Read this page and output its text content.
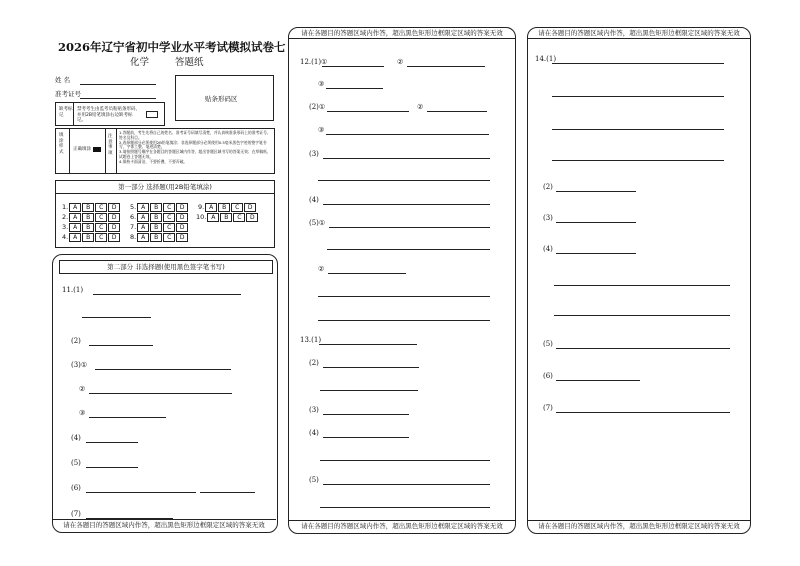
2026年辽宁省初中学业水平考试模拟试卷七
化学	答题纸
姓 名
准考证号
贴条形码区
缺考标记
禁考考生由监考员粘贴条形码，并用2B铅笔填涂右边缺考标记。
填涂样式	正确填涂
注意事项
1.答题前，考生先将自己的姓名、准考证号码填写清楚，并认真核准条形码上的准考证号、姓名及科目。
2.选择题部分必须使用2B铅笔填涂；非选择题部分必须使用0.5毫米黑色字迹的签字笔书写，字体工整、笔迹清楚。
3.请按照题号顺序在各题目的答题区域内作答，超出答题区域书写的答案无效；在草稿纸、试题卷上答题无效。
4.保持卡面清洁，不要折叠，不要弄破。
第一部分 选择题(用2B铅笔填涂)
1. A B C D
2. A B C D
3. A B C D
4. A B C D
5. A B C D
6. A B C D
7. A B C D
8. A B C D
9. A B C D
10. A B C D
第二部分 非选择题(使用黑色签字笔书写)
11.(1)
(2)
(3)①
②
③
(4)
(5)
(6)
(7)
请在各题目的答题区域内作答，超出黑色矩形边框限定区域的答案无效
请在各题目的答题区域内作答，超出黑色矩形边框限定区域的答案无效
12.(1)①	②
③
(2)①	②
③
(3)
(4)
(5)①
②
13.(1)
(2)
(3)
(4)
(5)
请在各题目的答题区域内作答，超出黑色矩形边框限定区域的答案无效
请在各题目的答题区域内作答，超出黑色矩形边框限定区域的答案无效
14.(1)
(2)
(3)
(4)
(5)
(6)
(7)
请在各题目的答题区域内作答，超出黑色矩形边框限定区域的答案无效
